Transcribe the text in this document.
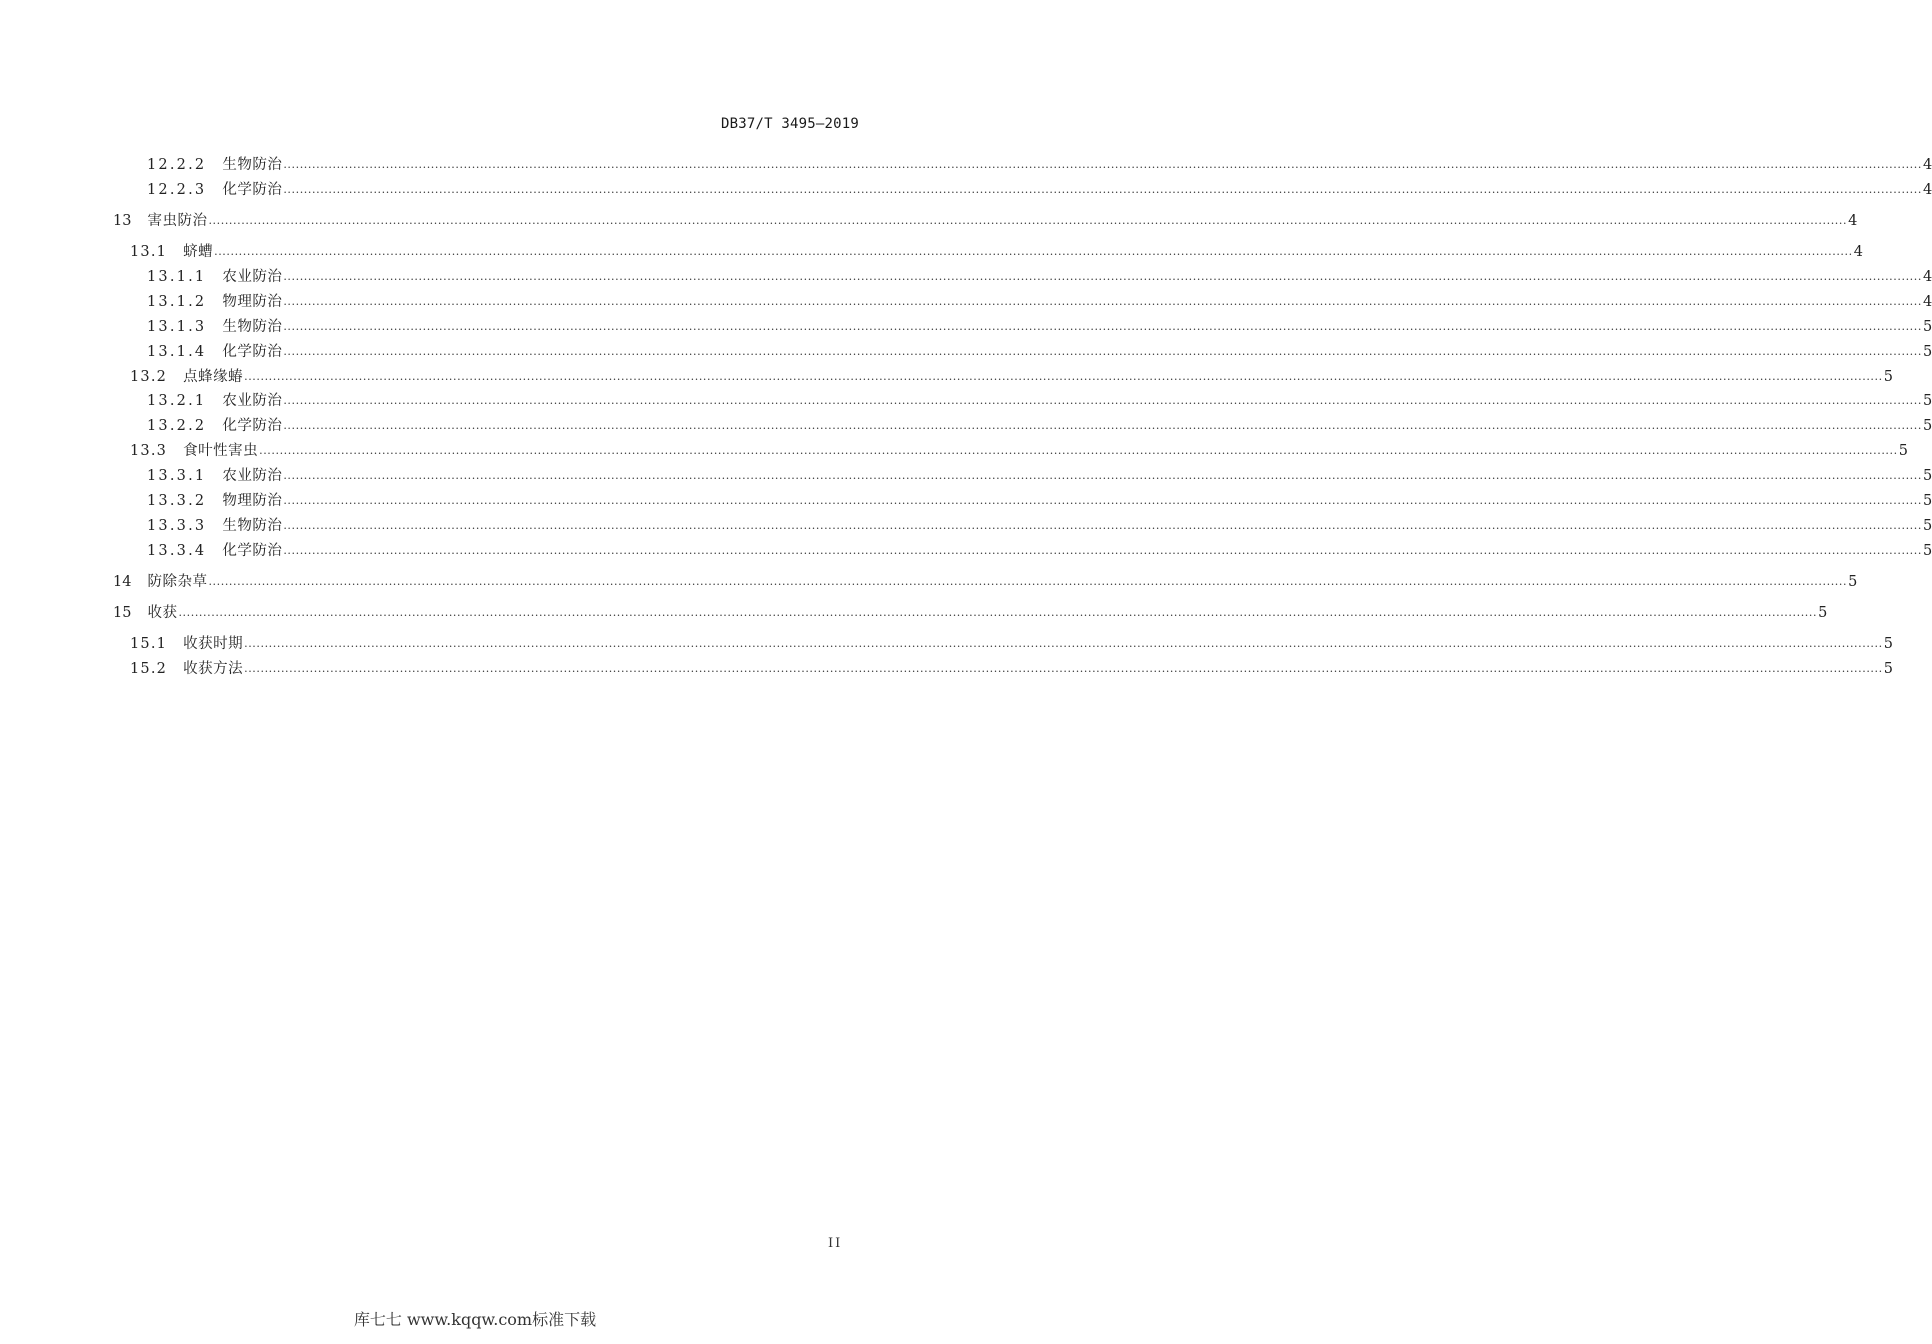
DB37/T 3495—2019
12.2.2 生物防治 ................................................................................................................................................................................................................................................................................................................................................................................................................ 4
12.2.3 化学防治 ................................................................................................................................................................................................................................................................................................................................................................................................................ 4
13 害虫防治 ................................................................................................................................................................................................................................................................................................................................................................................................................ 4
13.1 蛴螬 ................................................................................................................................................................................................................................................................................................................................................................................................................ 4
13.1.1 农业防治 ................................................................................................................................................................................................................................................................................................................................................................................................................ 4
13.1.2 物理防治 ................................................................................................................................................................................................................................................................................................................................................................................................................ 4
13.1.3 生物防治 ................................................................................................................................................................................................................................................................................................................................................................................................................ 5
13.1.4 化学防治 ................................................................................................................................................................................................................................................................................................................................................................................................................ 5
13.2 点蜂缘蝽 ................................................................................................................................................................................................................................................................................................................................................................................................................ 5
13.2.1 农业防治 ................................................................................................................................................................................................................................................................................................................................................................................................................ 5
13.2.2 化学防治 ................................................................................................................................................................................................................................................................................................................................................................................................................ 5
13.3 食叶性害虫 ................................................................................................................................................................................................................................................................................................................................................................................................................ 5
13.3.1 农业防治 ................................................................................................................................................................................................................................................................................................................................................................................................................ 5
13.3.2 物理防治 ................................................................................................................................................................................................................................................................................................................................................................................................................ 5
13.3.3 生物防治 ................................................................................................................................................................................................................................................................................................................................................................................................................ 5
13.3.4 化学防治 ................................................................................................................................................................................................................................................................................................................................................................................................................ 5
14 防除杂草 ................................................................................................................................................................................................................................................................................................................................................................................................................ 5
15 收获 ................................................................................................................................................................................................................................................................................................................................................................................................................ 5
15.1 收获时期 ................................................................................................................................................................................................................................................................................................................................................................................................................ 5
15.2 收获方法 ................................................................................................................................................................................................................................................................................................................................................................................................................ 5
II
库七七 www.kqqw.com标准下载
